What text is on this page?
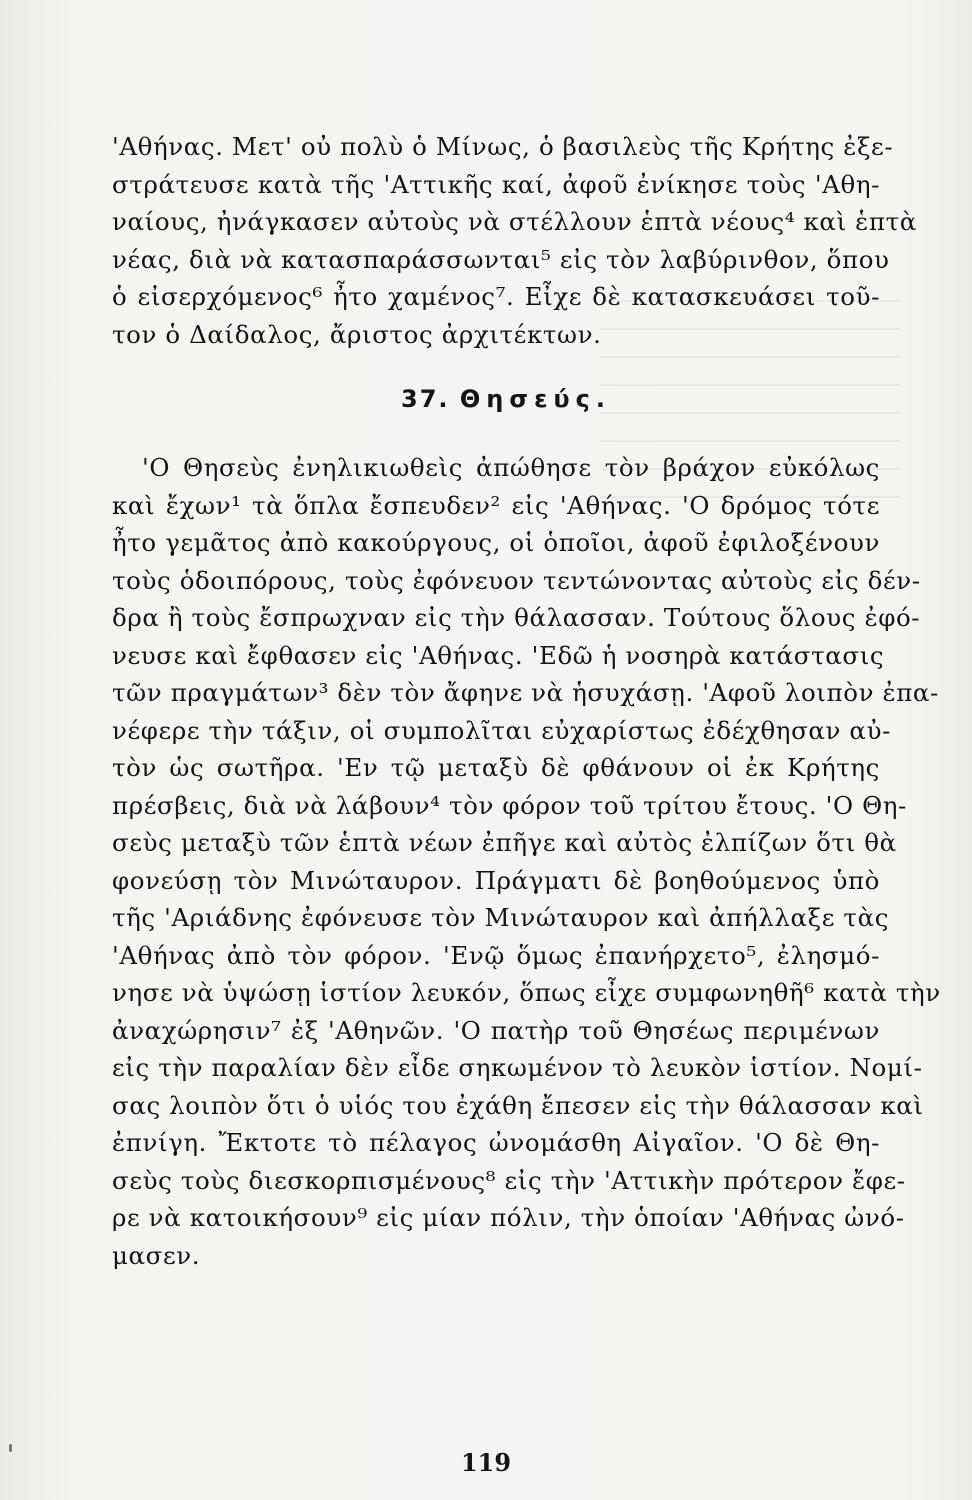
'Αθήνας. Μετ' οὐ πολὺ ὁ Μίνως, ὁ βασιλεὺς τῆς Κρήτης ἐξε-
στράτευσε κατὰ τῆς 'Αττικῆς καί, ἀφοῦ ἐνίκησε τοὺς 'Αθη-
ναίους, ἠνάγκασεν αὐτοὺς νὰ στέλλουν ἑπτὰ νέους⁴ καὶ ἑπτὰ
νέας, διὰ νὰ κατασπαράσσωνται⁵ εἰς τὸν λαβύρινθον, ὅπου
ὁ εἰσερχόμενος⁶ ἦτο χαμένος⁷. Εἶχε δὲ κατασκευάσει τοῦ-
τον ὁ Δαίδαλος, ἄριστος ἀρχιτέκτων.
37. Θησεύς.
'Ο Θησεὺς ἐνηλικιωθεὶς ἀπώθησε τὸν βράχον εὐκόλως
καὶ ἔχων¹ τὰ ὅπλα ἔσπευδεν² εἰς 'Αθήνας. 'Ο δρόμος τότε
ἦτο γεμᾶτος ἀπὸ κακούργους, οἱ ὁποῖοι, ἀφοῦ ἐφιλοξένουν
τοὺς ὁδοιπόρους, τοὺς ἐφόνευον τεντώνοντας αὐτοὺς εἰς δέν-
δρα ἢ τοὺς ἔσπρωχναν εἰς τὴν θάλασσαν. Τούτους ὅλους ἐφό-
νευσε καὶ ἔφθασεν εἰς 'Αθήνας. 'Εδῶ ἡ νοσηρὰ κατάστασις
τῶν πραγμάτων³ δὲν τὸν ἄφηνε νὰ ἡσυχάσῃ. 'Αφοῦ λοιπὸν ἐπα-
νέφερε τὴν τάξιν, οἱ συμπολῖται εὐχαρίστως ἐδέχθησαν αὐ-
τὸν ὡς σωτῆρα. 'Εν τῷ μεταξὺ δὲ φθάνουν οἱ ἐκ Κρήτης
πρέσβεις, διὰ νὰ λάβουν⁴ τὸν φόρον τοῦ τρίτου ἔτους. 'Ο Θη-
σεὺς μεταξὺ τῶν ἑπτὰ νέων ἐπῆγε καὶ αὐτὸς ἐλπίζων ὅτι θὰ
φονεύσῃ τὸν Μινώταυρον. Πράγματι δὲ βοηθούμενος ὑπὸ
τῆς 'Αριάδνης ἐφόνευσε τὸν Μινώταυρον καὶ ἀπήλλαξε τὰς
'Αθήνας ἀπὸ τὸν φόρον. 'Ενῷ ὅμως ἐπανήρχετο⁵, ἐλησμό-
νησε νὰ ὑψώσῃ ἱστίον λευκόν, ὅπως εἶχε συμφωνηθῆ⁶ κατὰ τὴν
ἀναχώρησιν⁷ ἐξ 'Αθηνῶν. 'Ο πατὴρ τοῦ Θησέως περιμένων
εἰς τὴν παραλίαν δὲν εἶδε σηκωμένον τὸ λευκὸν ἱστίον. Νομί-
σας λοιπὸν ὅτι ὁ υἱός του ἐχάθη ἔπεσεν εἰς τὴν θάλασσαν καὶ
ἐπνίγη. Ἔκτοτε τὸ πέλαγος ὠνομάσθη Αἰγαῖον. 'Ο δὲ Θη-
σεὺς τοὺς διεσκορπισμένους⁸ εἰς τὴν 'Αττικὴν πρότερον ἔφε-
ρε νὰ κατοικήσουν⁹ εἰς μίαν πόλιν, τὴν ὁποίαν 'Αθήνας ὠνό-
μασεν.
119
